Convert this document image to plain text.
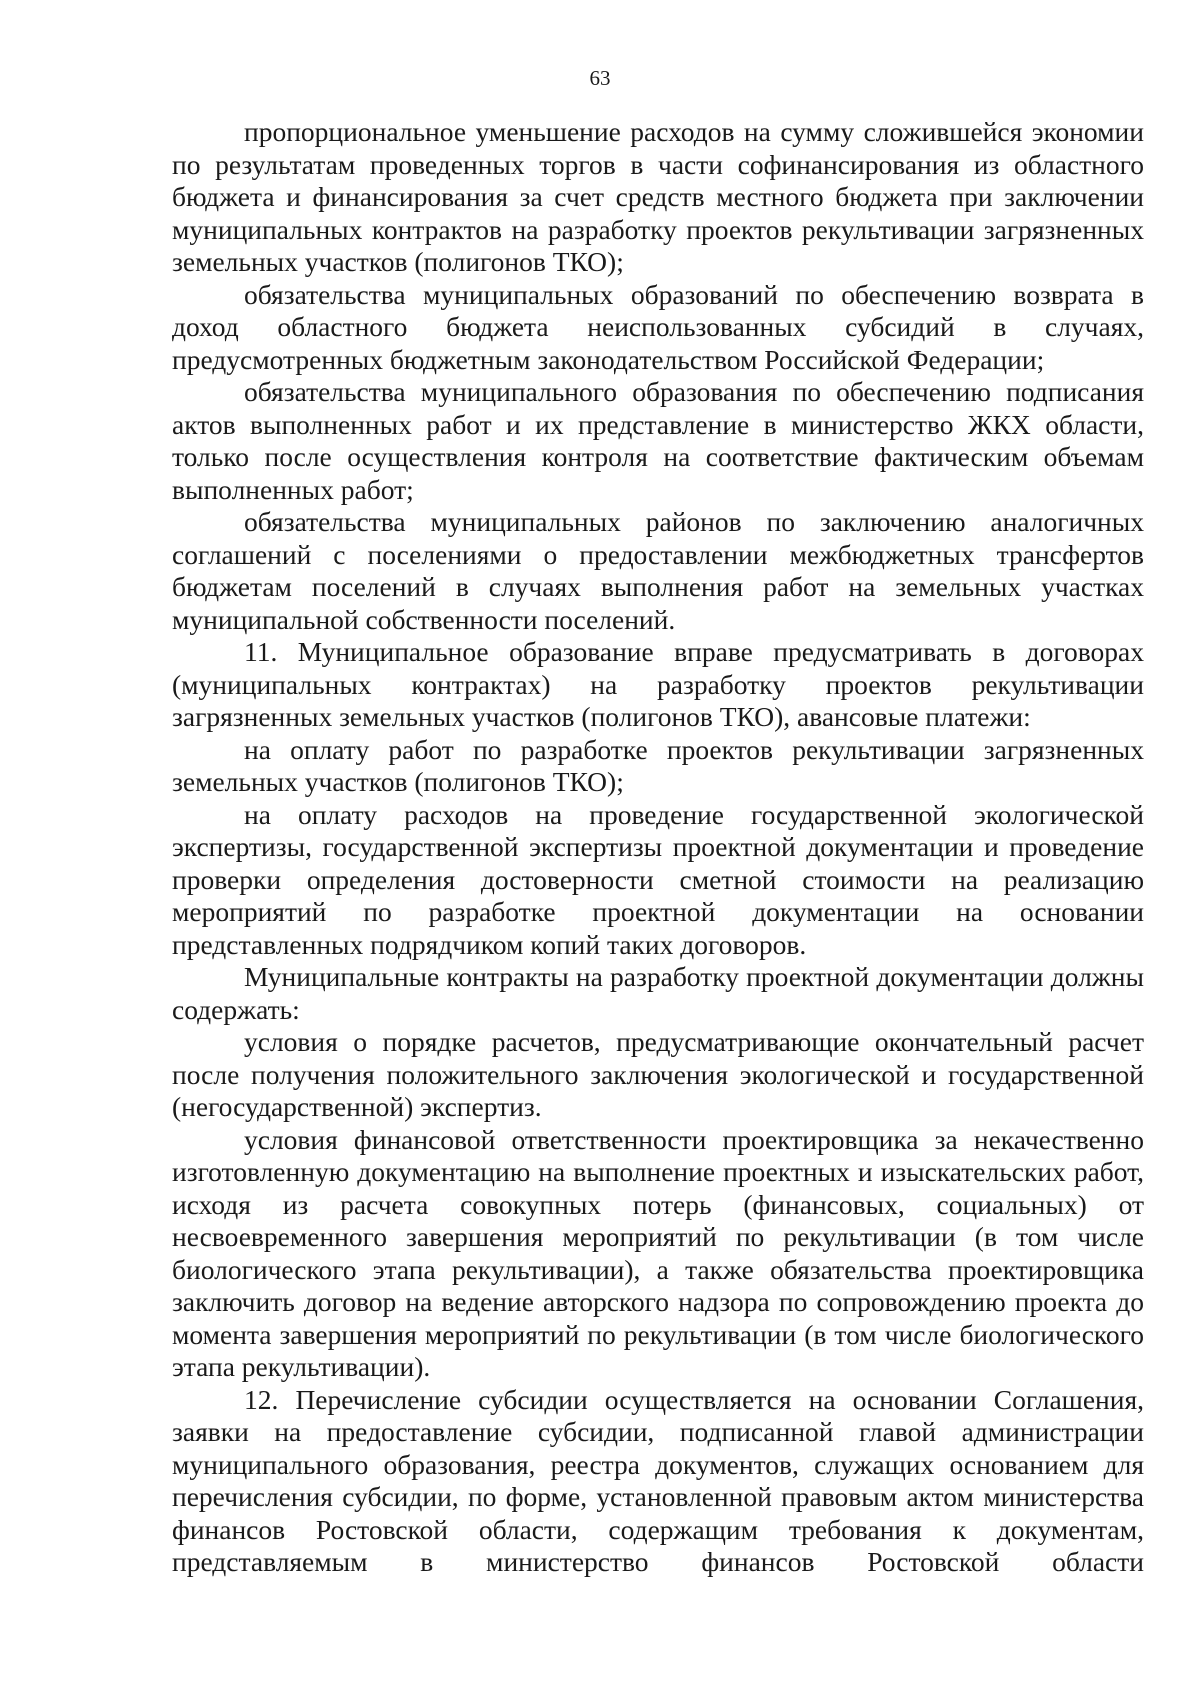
63

пропорциональное уменьшение расходов на сумму сложившейся экономии по результатам проведенных торгов в части софинансирования из областного бюджета и финансирования за счет средств местного бюджета при заключении муниципальных контрактов на разработку проектов рекультивации загрязненных земельных участков (полигонов ТКО);

обязательства муниципальных образований по обеспечению возврата в доход областного бюджета неиспользованных субсидий в случаях, предусмотренных бюджетным законодательством Российской Федерации;

обязательства муниципального образования по обеспечению подписания актов выполненных работ и их представление в министерство ЖКХ области, только после осуществления контроля на соответствие фактическим объемам выполненных работ;

обязательства муниципальных районов по заключению аналогичных соглашений с поселениями о предоставлении межбюджетных трансфертов бюджетам поселений в случаях выполнения работ на земельных участках муниципальной собственности поселений.

11. Муниципальное образование вправе предусматривать в договорах (муниципальных контрактах) на разработку проектов рекультивации загрязненных земельных участков (полигонов ТКО), авансовые платежи:

на оплату работ по разработке проектов рекультивации загрязненных земельных участков (полигонов ТКО);

на оплату расходов на проведение государственной экологической экспертизы, государственной экспертизы проектной документации и проведение проверки определения достоверности сметной стоимости на реализацию мероприятий по разработке проектной документации на основании представленных подрядчиком копий таких договоров.

Муниципальные контракты на разработку проектной документации должны содержать:

условия о порядке расчетов, предусматривающие окончательный расчет после получения положительного заключения экологической и государственной (негосударственной) экспертиз.

условия финансовой ответственности проектировщика за некачественно изготовленную документацию на выполнение проектных и изыскательских работ, исходя из расчета совокупных потерь (финансовых, социальных) от несвоевременного завершения мероприятий по рекультивации (в том числе биологического этапа рекультивации), а также обязательства проектировщика заключить договор на ведение авторского надзора по сопровождению проекта до момента завершения мероприятий по рекультивации (в том числе биологического этапа рекультивации).

12. Перечисление субсидии осуществляется на основании Соглашения, заявки на предоставление субсидии, подписанной главой администрации муниципального образования, реестра документов, служащих основанием для перечисления субсидии, по форме, установленной правовым актом министерства финансов Ростовской области, содержащим требования к документам, представляемым в министерство финансов Ростовской области
